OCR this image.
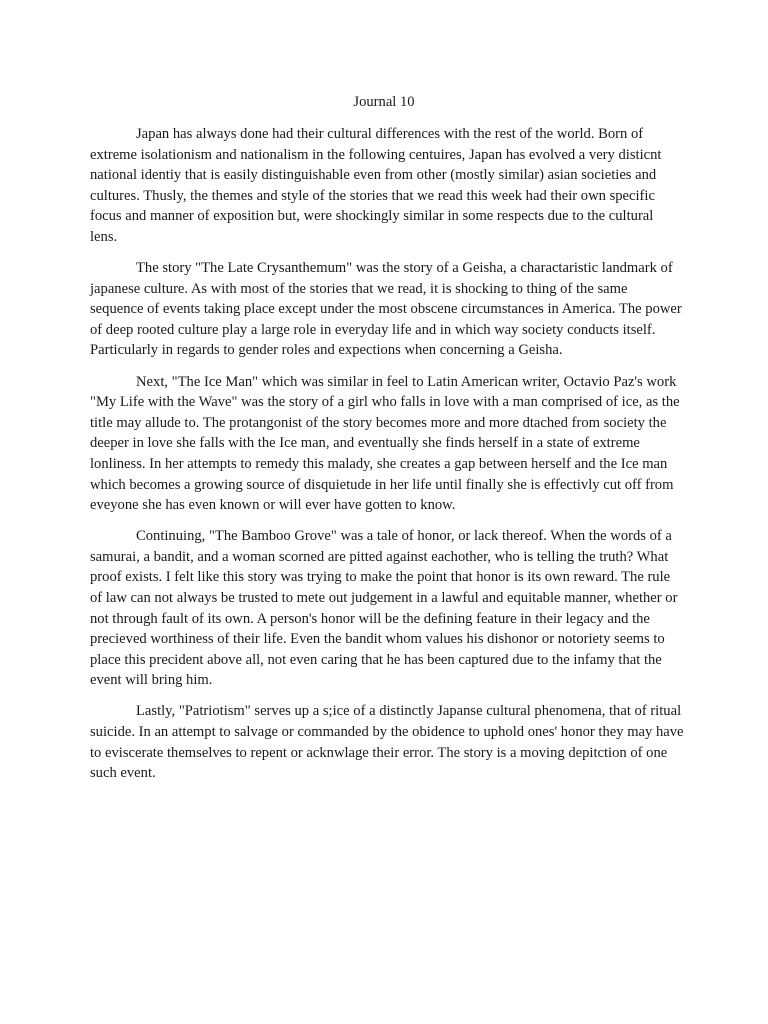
Journal 10

Japan has always done had their cultural differences with the rest of the world. Born of extreme isolationism and nationalism in the following centuires, Japan has evolved a very disticnt national identiy that is easily distinguishable even from other (mostly similar) asian societies and cultures. Thusly, the themes and style of the stories that we read this week had their own specific focus and manner of exposition but, were shockingly similar in some respects due to the cultural lens.

The story "The Late Crysanthemum" was the story of a Geisha, a charactaristic landmark of japanese culture. As with most of the stories that we read, it is shocking to thing of the same sequence of events taking place except under the most obscene circumstances in America. The power of deep rooted culture play a large role in everyday life and in which way society conducts itself. Particularly in regards to gender roles and expections when concerning a Geisha.

Next, "The Ice Man" which was similar in feel to Latin American writer, Octavio Paz's work "My Life with the Wave" was the story of a girl who falls in love with a man comprised of ice, as the title may allude to. The protangonist of the story becomes more and more dtached from society the deeper in love she falls with the Ice man, and eventually she finds herself in a state of extreme lonliness. In her attempts to remedy this malady, she creates a gap between herself and the Ice man which becomes a growing source of disquietude in her life until finally she is effectivly cut off from eveyone she has even known or will ever have gotten to know.

Continuing, "The Bamboo Grove" was a tale of honor, or lack thereof. When the words of a samurai, a bandit, and a woman scorned are pitted against eachother, who is telling the truth? What proof exists. I felt like this story was trying to make the point that honor is its own reward. The rule of law can not always be trusted to mete out judgement in a lawful and equitable manner, whether or not through fault of its own. A person's honor will be the defining feature in their legacy and the precieved worthiness of their life. Even the bandit whom values his dishonor or notoriety seems to place this precident above all, not even caring that he has been captured due to the infamy that the event will bring him.

Lastly, "Patriotism" serves up a s;ice of a distinctly Japanse cultural phenomena, that of ritual suicide. In an attempt to salvage or commanded by the obidence to uphold ones' honor they may have to eviscerate themselves to repent or acknwlage their error. The story is a moving depitction of one such event.
